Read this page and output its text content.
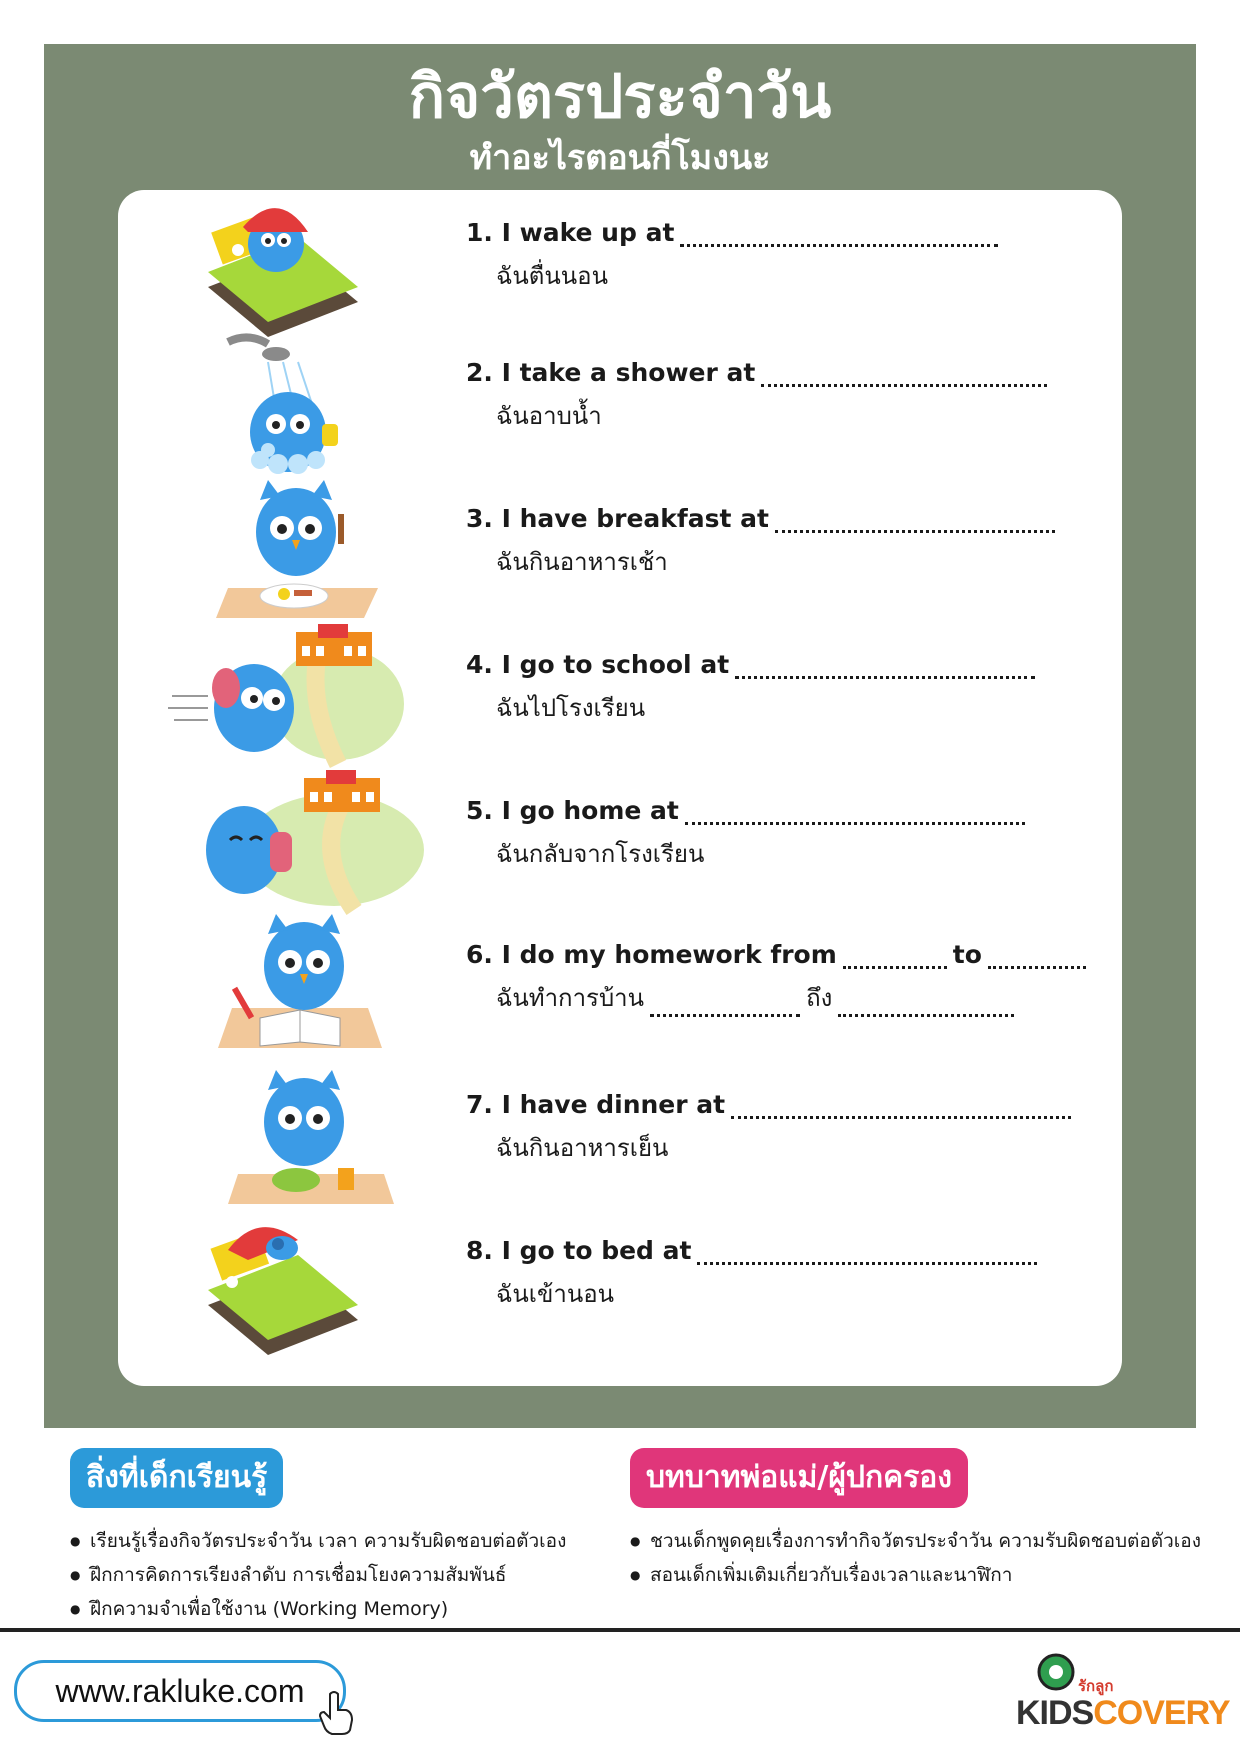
กิจวัตรประจำวัน
ทำอะไรตอนกี่โมงนะ
1. I wake up at
ฉันตื่นนอน
2. I take a shower at
ฉันอาบน้ำ
3. I have breakfast at
ฉันกินอาหารเช้า
4. I go to school at
ฉันไปโรงเรียน
5. I go home at
ฉันกลับจากโรงเรียน
6. I do my homework from	to
ฉันทำการบ้าน	ถึง
7. I have dinner at
ฉันกินอาหารเย็น
8. I go to bed at
ฉันเข้านอน
สิ่งที่เด็กเรียนรู้
● เรียนรู้เรื่องกิจวัตรประจำวัน เวลา ความรับผิดชอบต่อตัวเอง
● ฝึกการคิดการเรียงลำดับ การเชื่อมโยงความสัมพันธ์
● ฝึกความจำเพื่อใช้งาน (Working Memory)
บทบาทพ่อแม่/ผู้ปกครอง
● ชวนเด็กพูดคุยเรื่องการทำกิจวัตรประจำวัน ความรับผิดชอบต่อตัวเอง
● สอนเด็กเพิ่มเติมเกี่ยวกับเรื่องเวลาและนาฬิกา
www.rakluke.com	รักลูก
KIDSCOVERY
